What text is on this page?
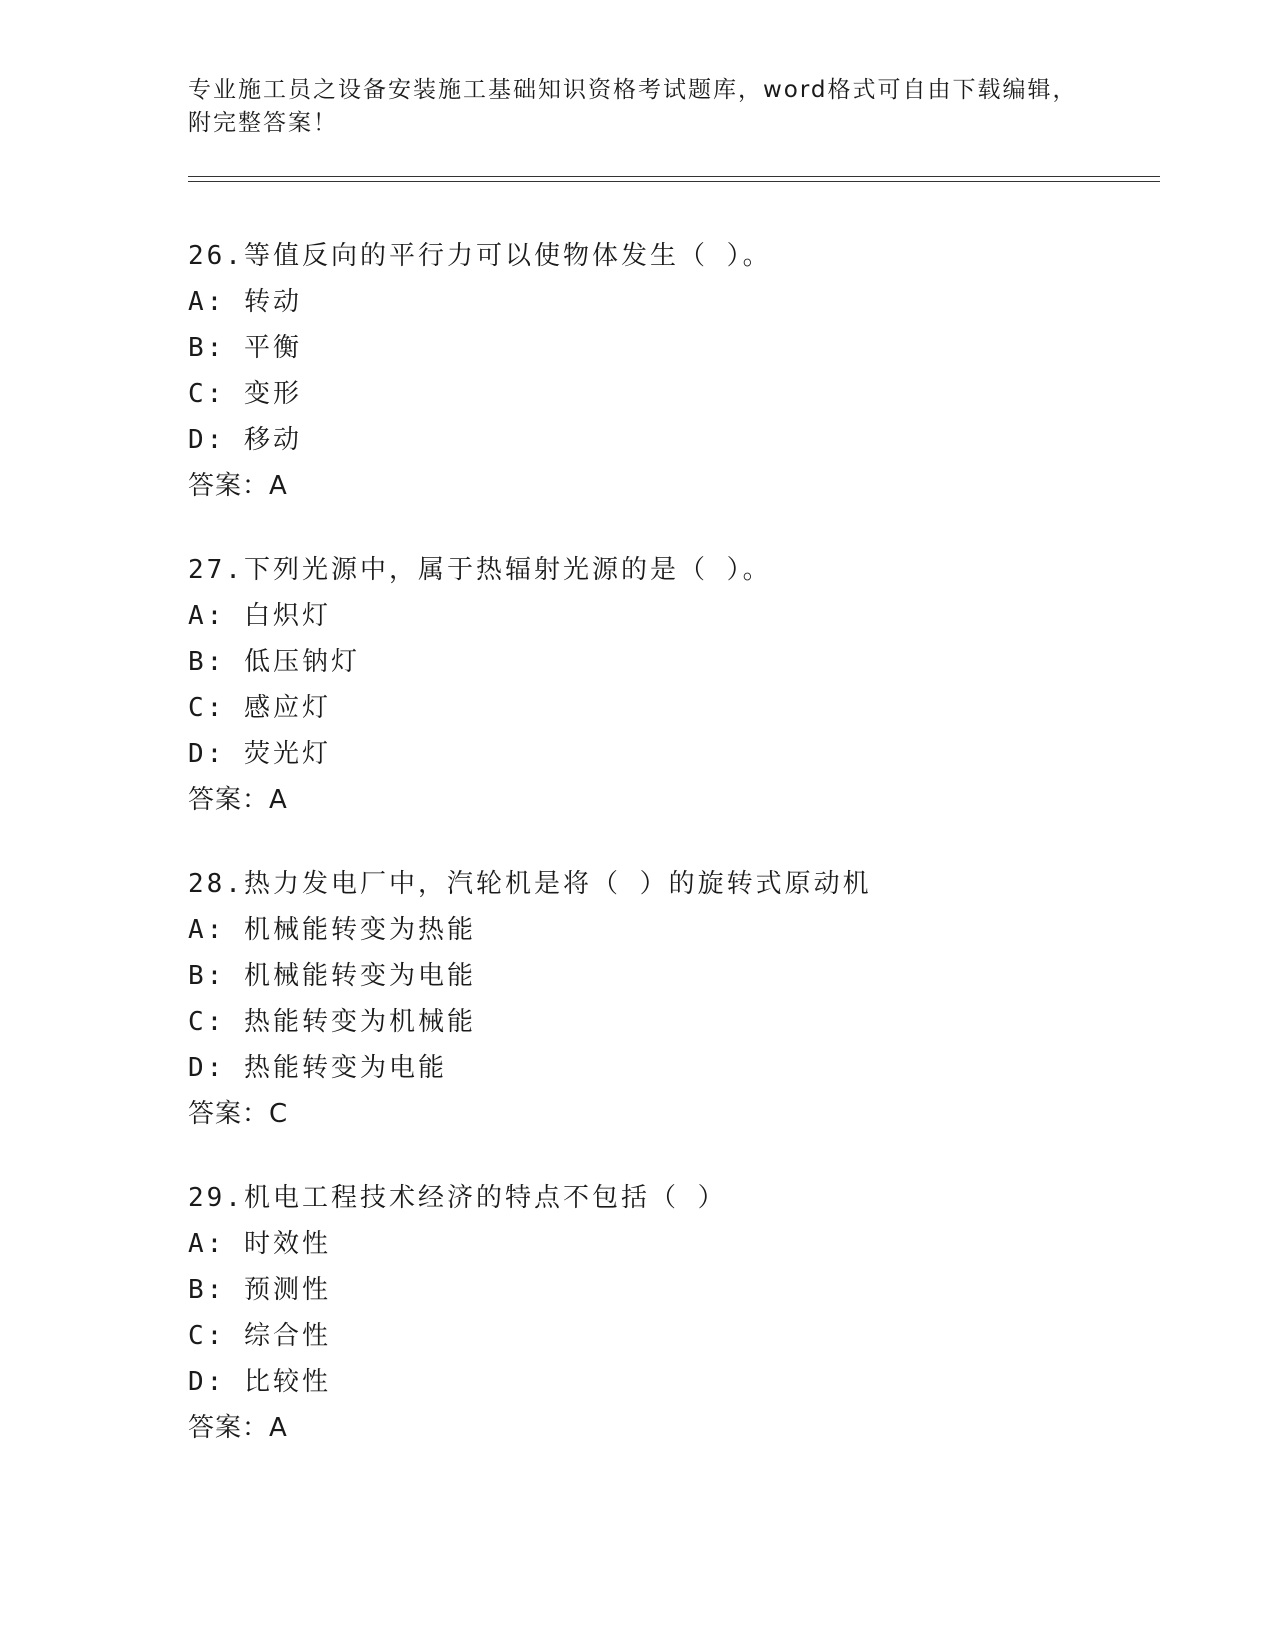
专业施工员之设备安装施工基础知识资格考试题库，word格式可自由下载编辑，
附完整答案！
26.等值反向的平行力可以使物体发生（ ）。
A: 转动
B: 平衡
C: 变形
D: 移动
答案：A
27.下列光源中，属于热辐射光源的是（ ）。
A: 白炽灯
B: 低压钠灯
C: 感应灯
D: 荧光灯
答案：A
28.热力发电厂中，汽轮机是将（ ）的旋转式原动机
A: 机械能转变为热能
B: 机械能转变为电能
C: 热能转变为机械能
D: 热能转变为电能
答案：C
29.机电工程技术经济的特点不包括（ ）
A: 时效性
B: 预测性
C: 综合性
D: 比较性
答案：A
